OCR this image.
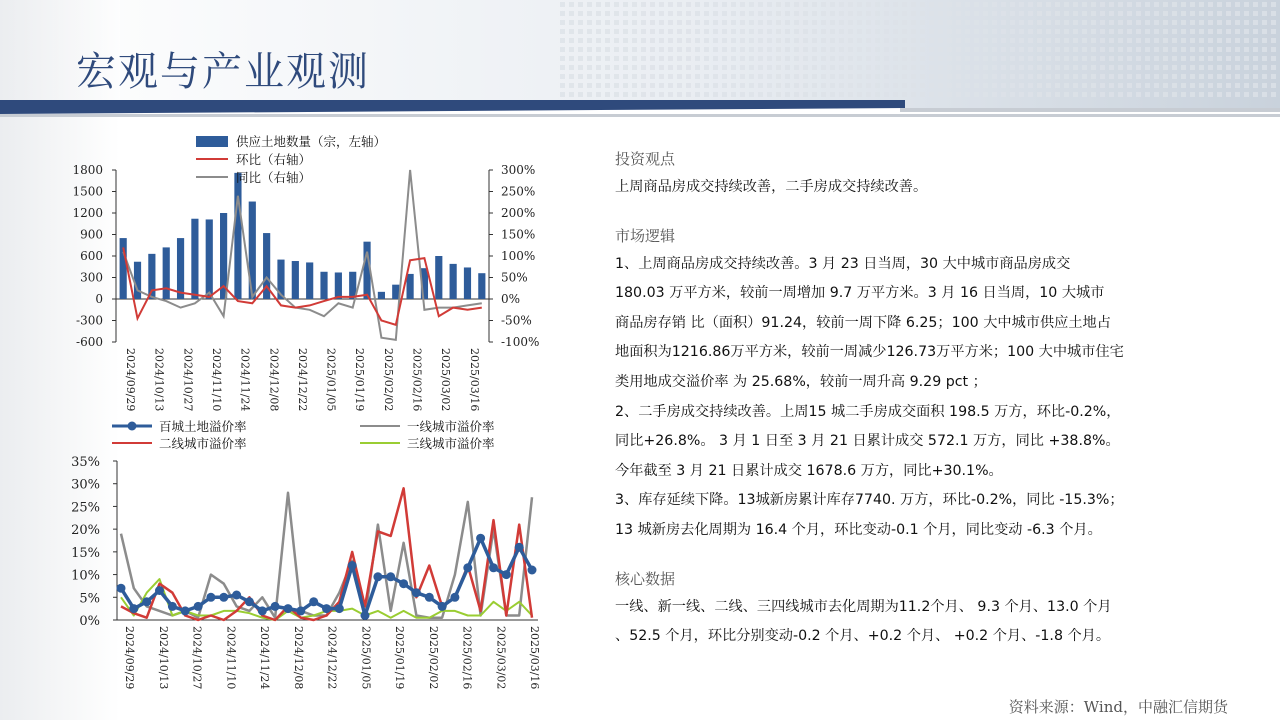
宏观与产业观测
1800
1500
1200
900
600
300
0
-300
-600
300%
250%
200%
150%
100%
50%
0%
-50%
-100%
供应土地数量（宗，左轴）
环比（右轴）
同比（右轴）
2024/09/29 2024/10/13 2024/10/27 2024/11/10 2024/11/24 2024/12/08 2024/12/22 2025/01/05 2025/01/19 2025/02/02 2025/02/16 2025/03/02 2025/03/16
35%
30%
25%
20%
15%
10%
5%
0%
百城土地溢价率	一线城市溢价率
二线城市溢价率	三线城市溢价率
2024/09/29 2024/10/13 2024/10/27 2024/11/10 2024/11/24 2024/12/08 2024/12/22 2025/01/05 2025/01/19 2025/02/02 2025/02/16 2025/03/02 2025/03/16
投资观点
上周商品房成交持续改善，二手房成交持续改善。
市场逻辑
1、上周商品房成交持续改善。3 月 23 日当周，30 大中城市商品房成交
180.03 万平方米，较前一周增加 9.7 万平方米。3 月 16 日当周，10 大城市
商品房存销 比（面积）91.24，较前一周下降 6.25；100 大中城市供应土地占
地面积为1216.86万平方米，较前一周减少126.73万平方米；100 大中城市住宅
类用地成交溢价率 为 25.68%，较前一周升高 9.29 pct ；
2、二手房成交持续改善。上周15 城二手房成交面积 198.5 万方，环比-0.2%，
同比+26.8%。 3 月 1 日至 3 月 21 日累计成交 572.1 万方，同比 +38.8%。
今年截至 3 月 21 日累计成交 1678.6 万方，同比+30.1%。
3、库存延续下降。13城新房累计库存7740. 万方，环比-0.2%，同比 -15.3%；
13 城新房去化周期为 16.4 个月，环比变动-0.1 个月，同比变动 -6.3 个月。
核心数据
一线、新一线、二线、三四线城市去化周期为11.2个月、 9.3 个月、13.0 个月
、52.5 个月，环比分别变动-0.2 个月、+0.2 个月、 +0.2 个月、-1.8 个月。
资料来源：Wind，中融汇信期货
